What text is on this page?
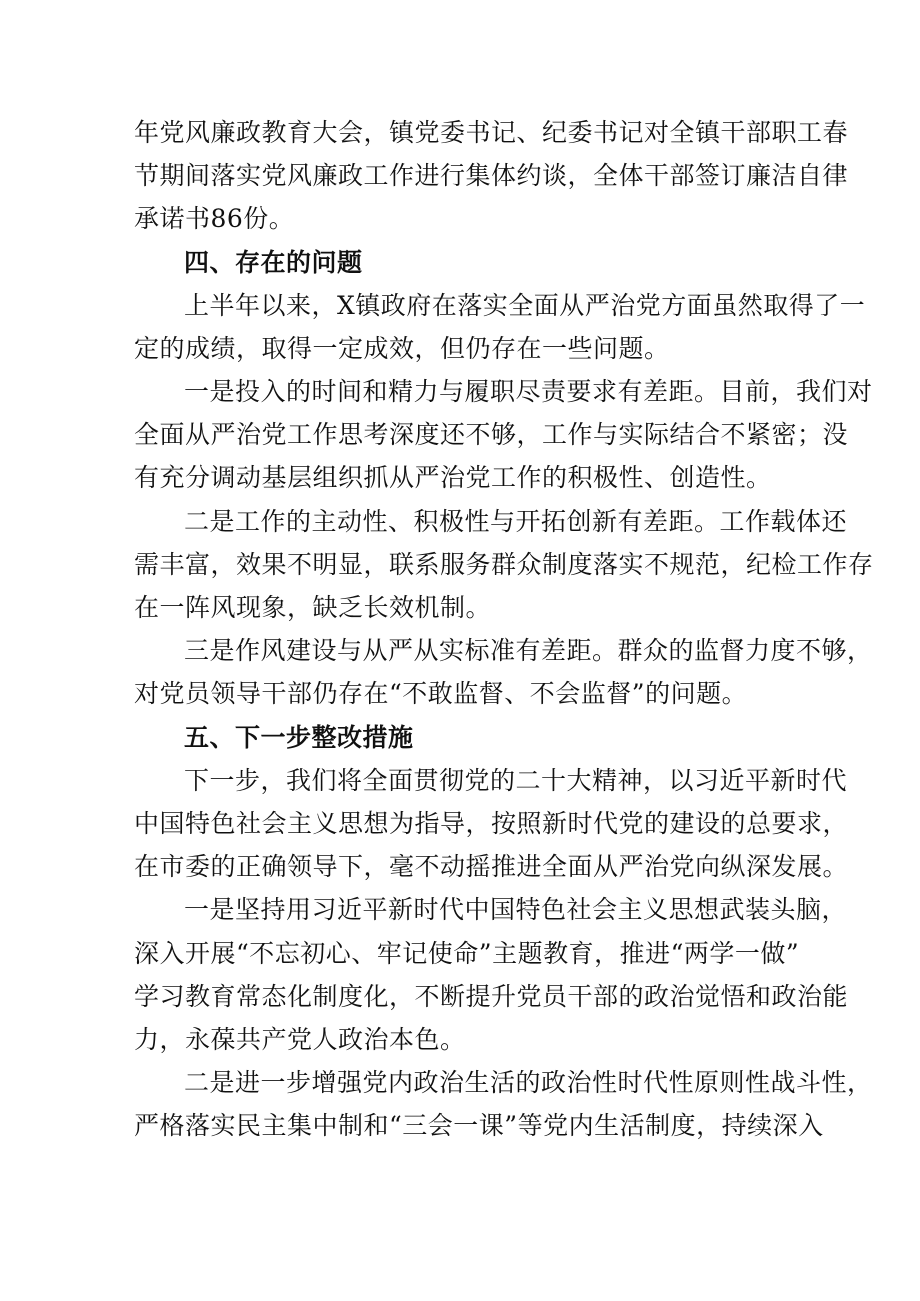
年党风廉政教育大会，镇党委书记、纪委书记对全镇干部职工春
节期间落实党风廉政工作进行集体约谈，全体干部签订廉洁自律
承诺书86份。
四、存在的问题
上半年以来，X镇政府在落实全面从严治党方面虽然取得了一
定的成绩，取得一定成效，但仍存在一些问题。
一是投入的时间和精力与履职尽责要求有差距。目前，我们对
全面从严治党工作思考深度还不够，工作与实际结合不紧密；没
有充分调动基层组织抓从严治党工作的积极性、创造性。
二是工作的主动性、积极性与开拓创新有差距。工作载体还
需丰富，效果不明显，联系服务群众制度落实不规范，纪检工作存
在一阵风现象，缺乏长效机制。
三是作风建设与从严从实标准有差距。群众的监督力度不够，
对党员领导干部仍存在“不敢监督、不会监督”的问题。
五、下一步整改措施
下一步，我们将全面贯彻党的二十大精神，以习近平新时代
中国特色社会主义思想为指导，按照新时代党的建设的总要求，
在市委的正确领导下，毫不动摇推进全面从严治党向纵深发展。
一是坚持用习近平新时代中国特色社会主义思想武装头脑，
深入开展“不忘初心、牢记使命”主题教育，推进“两学一做”
学习教育常态化制度化，不断提升党员干部的政治觉悟和政治能
力，永葆共产党人政治本色。
二是进一步增强党内政治生活的政治性时代性原则性战斗性，
严格落实民主集中制和“三会一课”等党内生活制度，持续深入
